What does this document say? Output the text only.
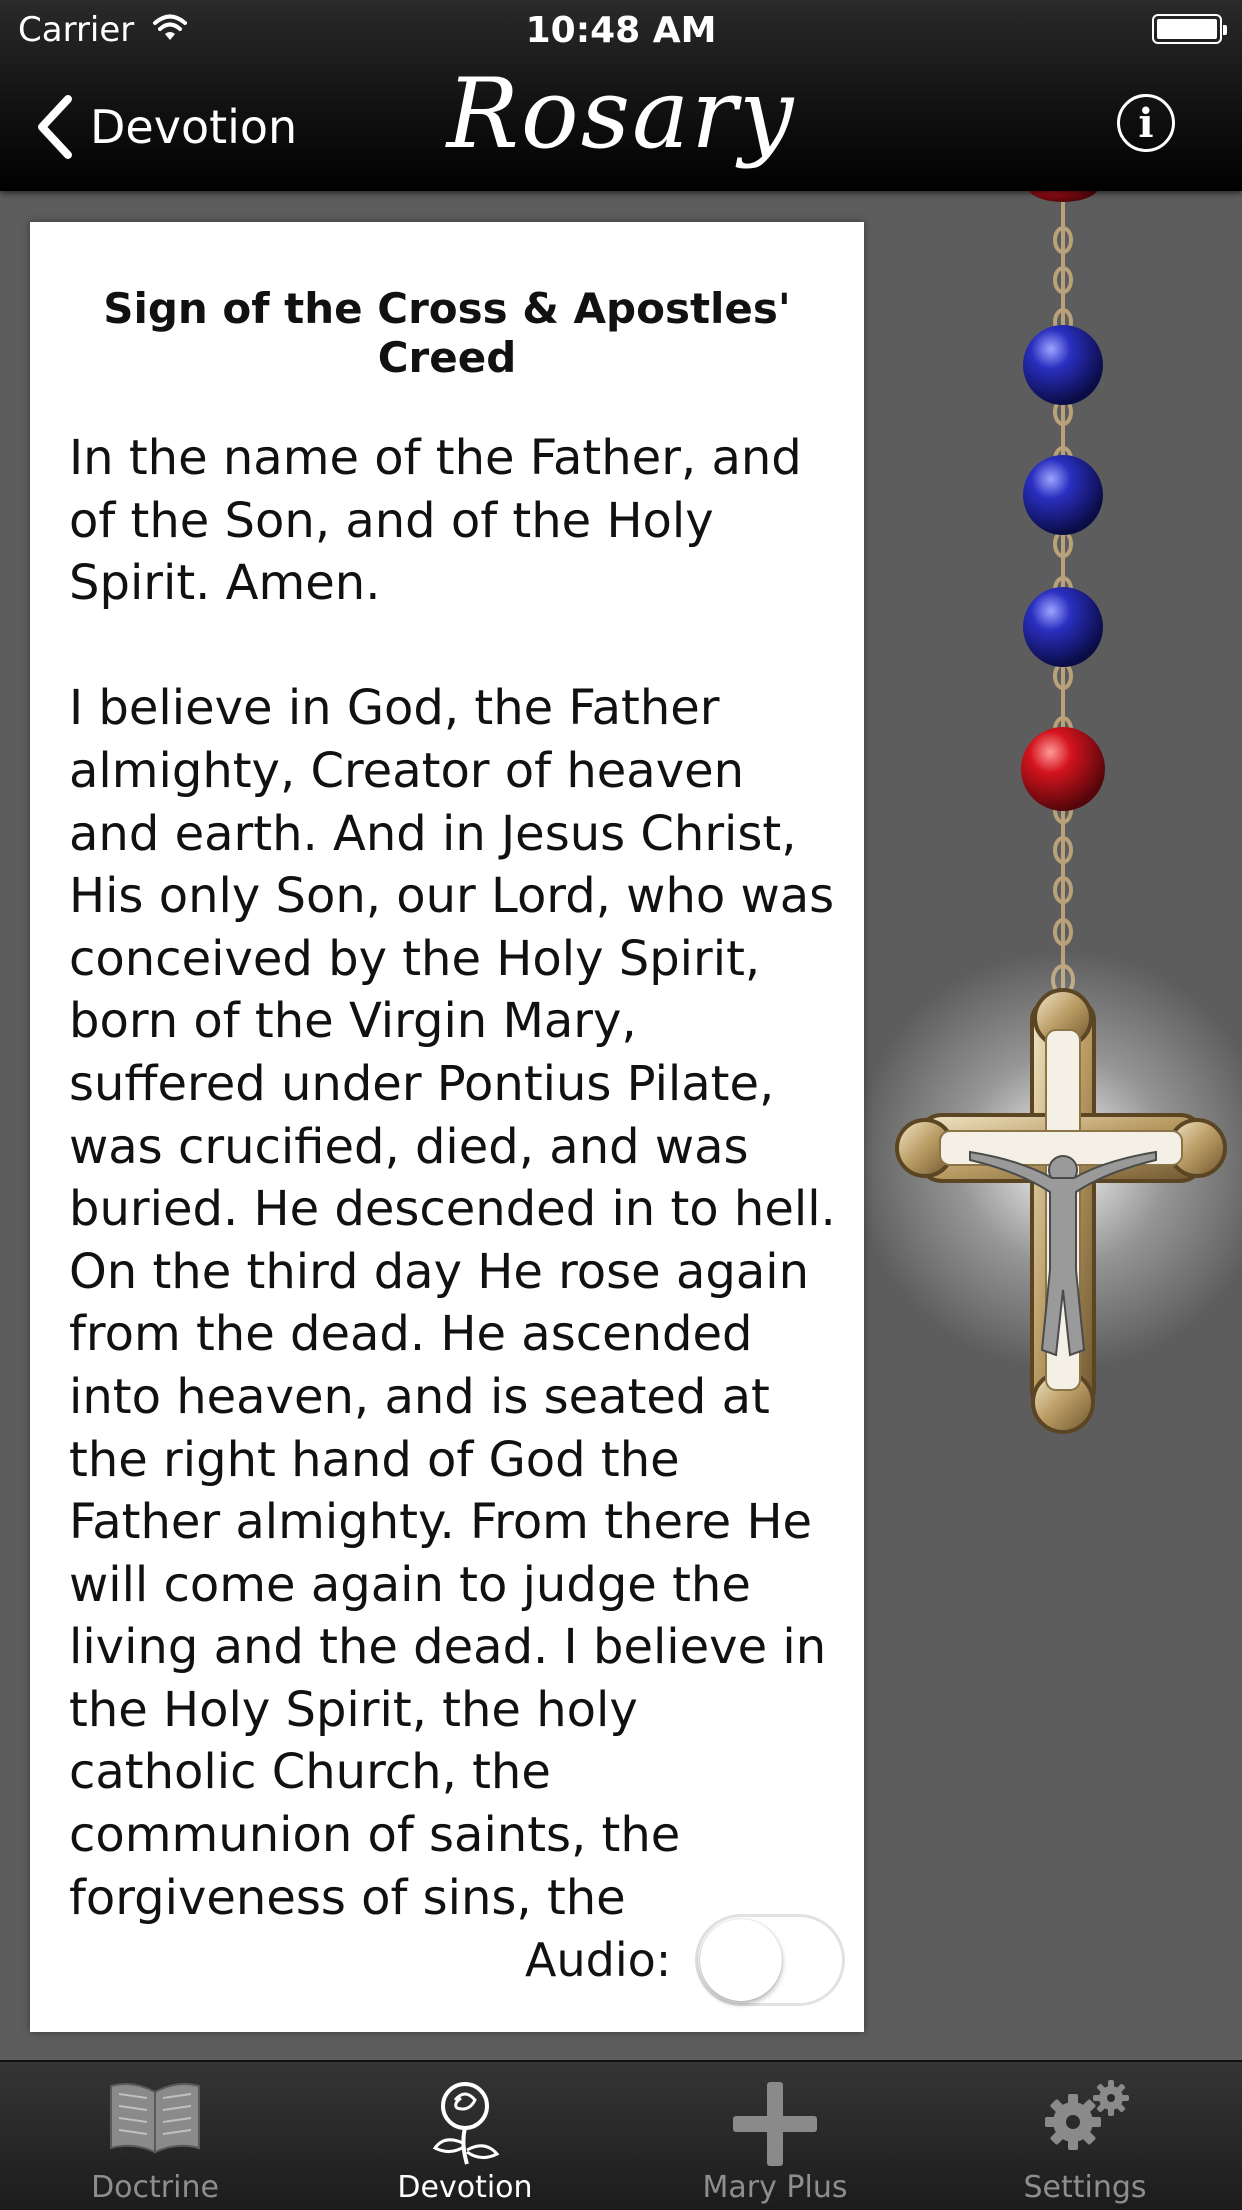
Carrier	10:48 AM
Devotion	Rosary	i
Sign of the Cross & Apostles' Creed
In the name of the Father, and of the Son, and of the Holy Spirit. Amen.

I believe in God, the Father almighty, Creator of heaven and earth. And in Jesus Christ, His only Son, our Lord, who was conceived by the Holy Spirit, born of the Virgin Mary, suffered under Pontius Pilate, was crucified, died, and was buried. He descended in to hell. On the third day He rose again from the dead. He ascended into heaven, and is seated at the right hand of God the Father almighty. From there He will come again to judge the living and the dead. I believe in the Holy Spirit, the holy catholic Church, the communion of saints, the forgiveness of sins, the
Audio:
Doctrine	Devotion	Mary Plus	Settings
